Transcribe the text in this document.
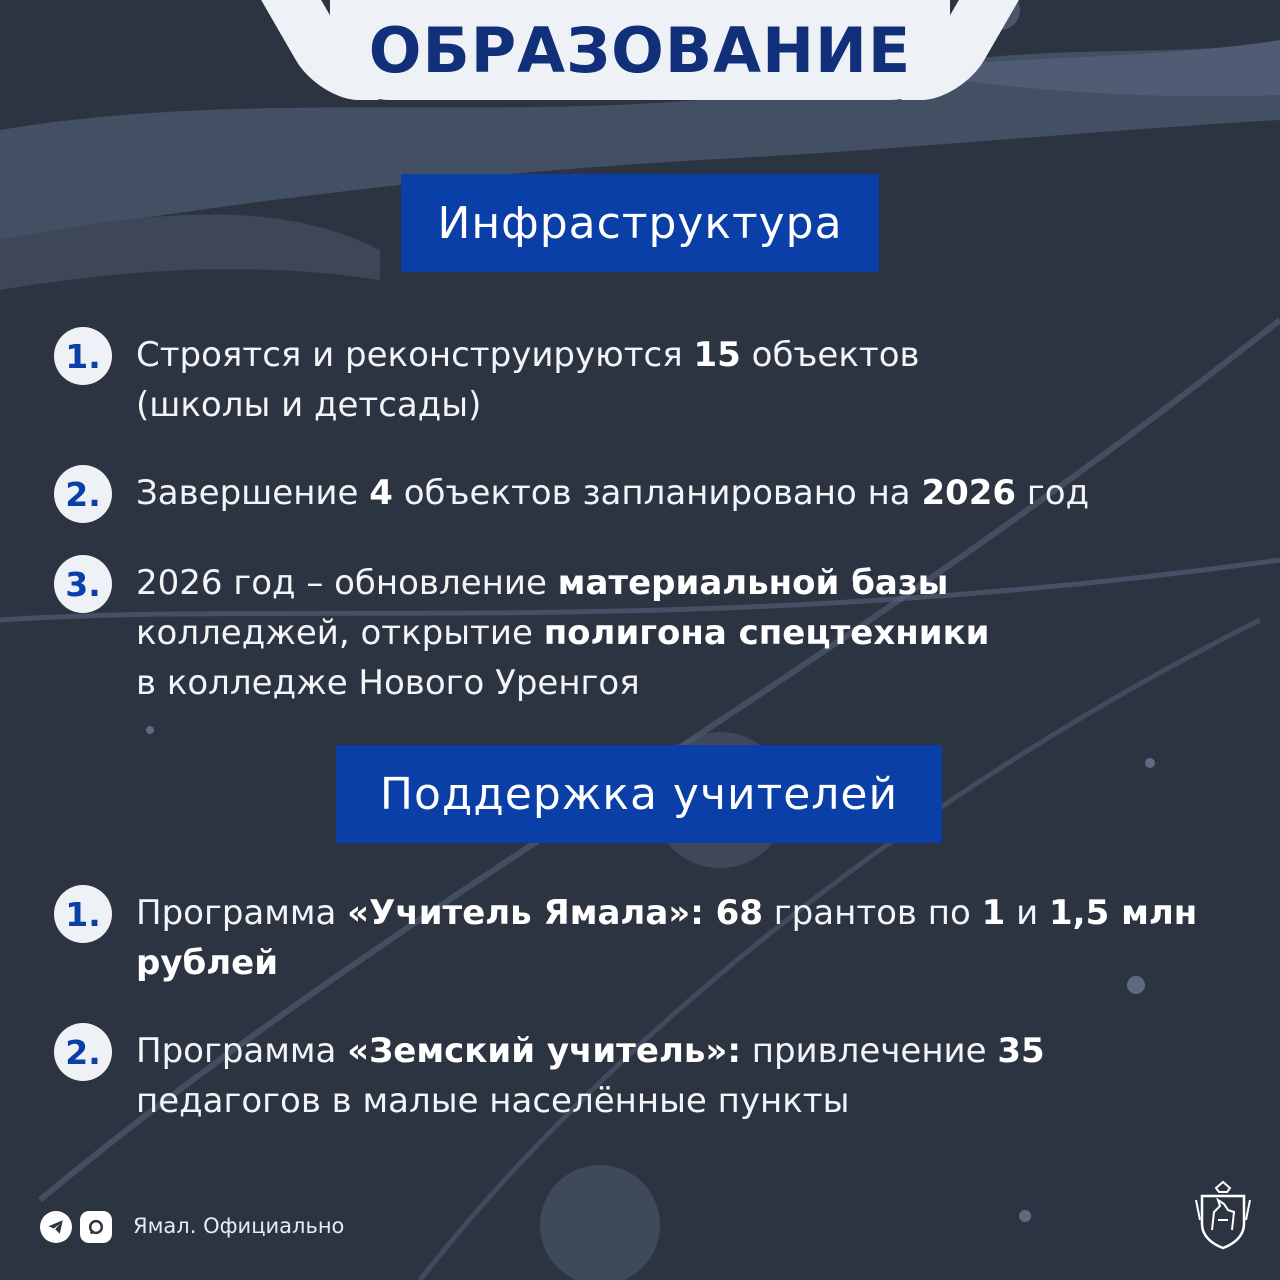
ОБРАЗОВАНИЕ
Инфраструктура
1.	Строятся и реконструируются 15 объектов
(школы и детсады)
2.	Завершение 4 объектов запланировано на 2026 год
3.	2026 год – обновление материальной базы
колледжей, открытие полигона спецтехники
в колледже Нового Уренгоя
Поддержка учителей
1.	Программа «Учитель Ямала»: 68 грантов по 1 и 1,5 млн
рублей
2.	Программа «Земский учитель»: привлечение 35
педагогов в малые населённые пункты
Ямал. Официально
